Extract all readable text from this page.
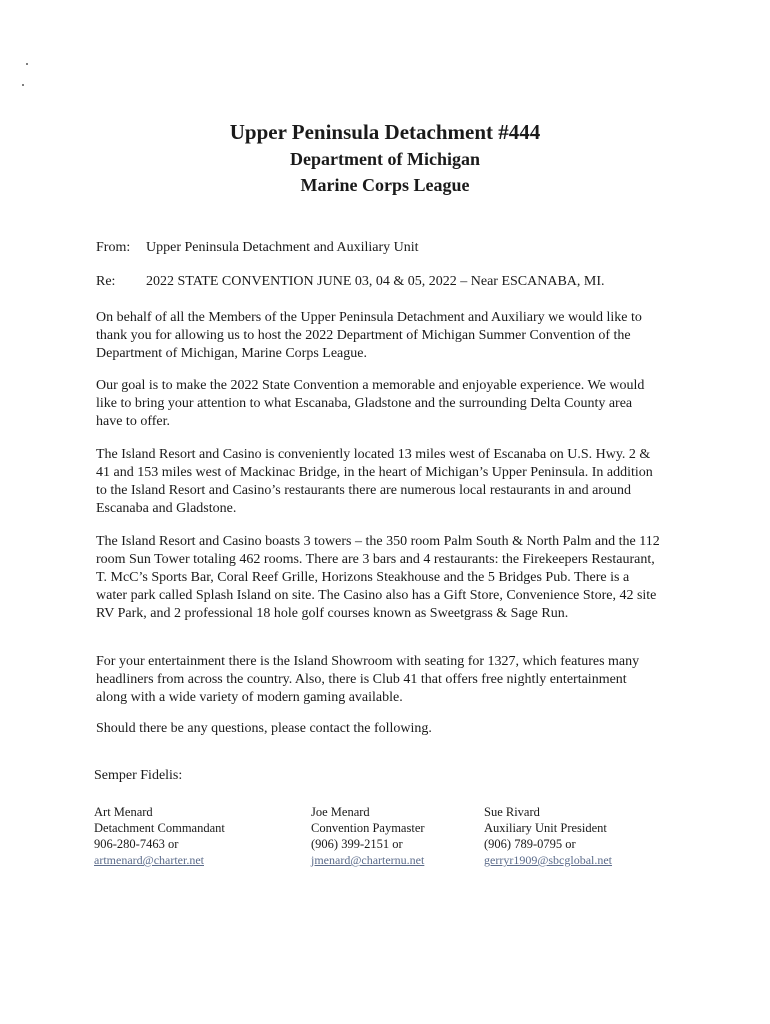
Upper Peninsula Detachment #444

Department of Michigan

Marine Corps League

From: Upper Peninsula Detachment and Auxiliary Unit
Re: 2022 STATE CONVENTION JUNE 03, 04 & 05, 2022 – Near ESCANABA, MI.

On behalf of all the Members of the Upper Peninsula Detachment and Auxiliary we would like to thank you for allowing us to host the 2022 Department of Michigan Summer Convention of the Department of Michigan, Marine Corps League.

Our goal is to make the 2022 State Convention a memorable and enjoyable experience. We would like to bring your attention to what Escanaba, Gladstone and the surrounding Delta County area have to offer.

The Island Resort and Casino is conveniently located 13 miles west of Escanaba on U.S. Hwy. 2 & 41 and 153 miles west of Mackinac Bridge, in the heart of Michigan’s Upper Peninsula. In addition to the Island Resort and Casino’s restaurants there are numerous local restaurants in and around Escanaba and Gladstone.

The Island Resort and Casino boasts 3 towers – the 350 room Palm South & North Palm and the 112 room Sun Tower totaling 462 rooms. There are 3 bars and 4 restaurants: the Firekeepers Restaurant, T. McC’s Sports Bar, Coral Reef Grille, Horizons Steakhouse and the 5 Bridges Pub. There is a water park called Splash Island on site. The Casino also has a Gift Store, Convenience Store, 42 site RV Park, and 2 professional 18 hole golf courses known as Sweetgrass & Sage Run.

For your entertainment there is the Island Showroom with seating for 1327, which features many headliners from across the country. Also, there is Club 41 that offers free nightly entertainment along with a wide variety of modern gaming available.

Should there be any questions, please contact the following.

Semper Fidelis:
Art Menard
Detachment Commandant
906-280-7463 or
artmenard@charter.net
Joe Menard
Convention Paymaster
(906) 399-2151 or
jmenard@charternu.net
Sue Rivard
Auxiliary Unit President
(906) 789-0795 or
gerryr1909@sbcglobal.net
